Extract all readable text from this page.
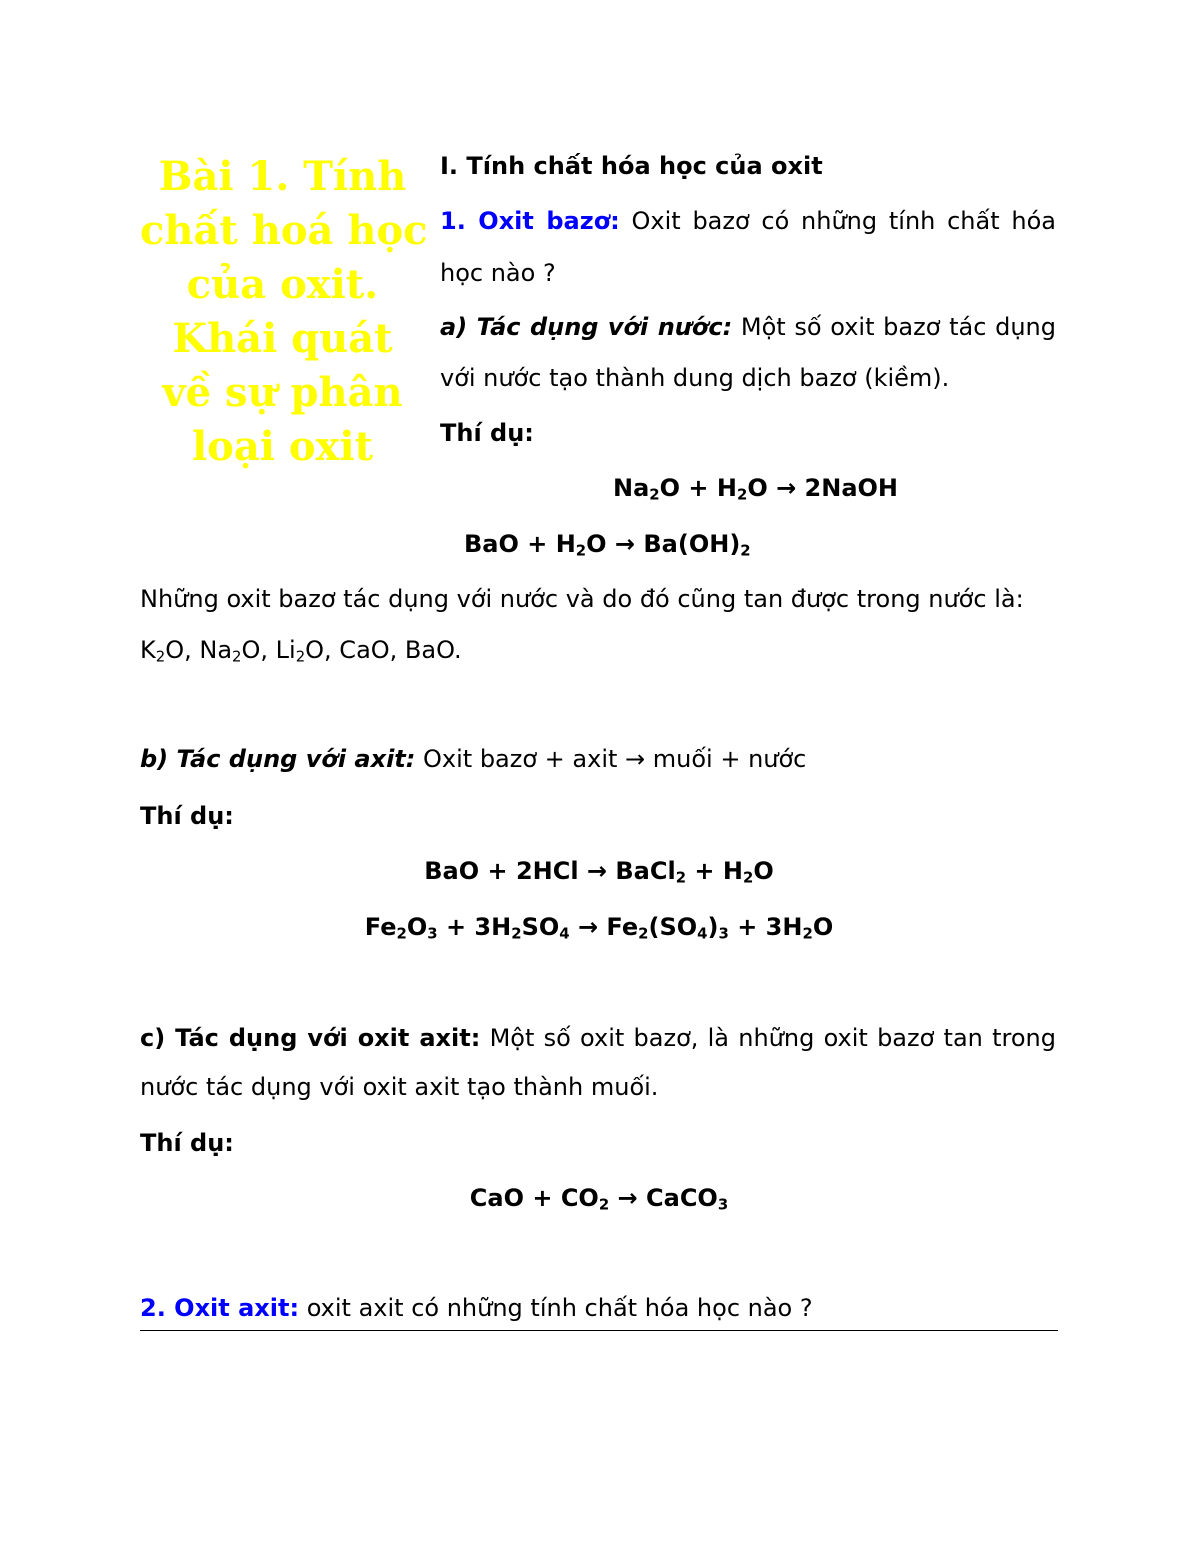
Bài 1. Tính
chất hoá học
của oxit.
Khái quát
về sự phân
loại oxit
I. Tính chất hóa học của oxit
1. Oxit bazơ: Oxit bazơ có những tính chất hóa
học nào ?
a) Tác dụng với nước: Một số oxit bazơ tác dụng
với nước tạo thành dung dịch bazơ (kiềm).
Thí dụ:
$Na_2O + H_2O$ → 2NaOH
BaO + $H_2O \to Ba(OH)_2$
Những oxit bazơ tác dụng với nước và do đó cũng tan được trong nước là:
$K_2O$, $Na_2O$, $Li_2O$, CaO, BaO.
b) Tác dụng với axit: Oxit bazơ + axit → muối + nước
Thí dụ:
BaO + 2HCl → BaCl$_2$ + $H_2O$
$Fe_2O_3 + 3H_2SO_4 \to Fe_2(SO_4)_3 + 3H_2O$
c) Tác dụng với oxit axit: Một số oxit bazơ, là những oxit bazơ tan trong
nước tác dụng với oxit axit tạo thành muối.
Thí dụ:
CaO + $CO_2$ → CaCO$_3$
2. Oxit axit: oxit axit có những tính chất hóa học nào ?
